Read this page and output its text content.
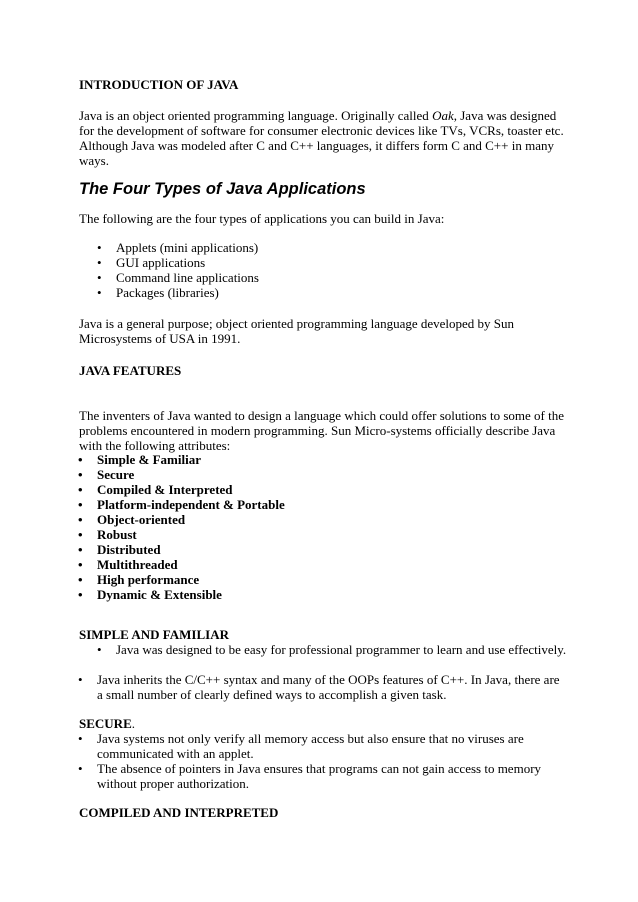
INTRODUCTION OF JAVA

Java is an object oriented programming language. Originally called Oak, Java was designed for the development of software for consumer electronic devices like TVs, VCRs, toaster etc. Although Java was modeled after C and C++ languages, it differs form C and C++ in many ways.

The Four Types of Java Applications

The following are the four types of applications you can build in Java:

• Applets (mini applications)
• GUI applications
• Command line applications
• Packages (libraries)

Java is a general purpose; object oriented programming language developed by Sun Microsystems of USA in 1991.

JAVA FEATURES

The inventers of Java wanted to design a language which could offer solutions to some of the problems encountered in modern programming. Sun Micro-systems officially describe Java with the following attributes:

• Simple & Familiar
• Secure
• Compiled & Interpreted
• Platform-independent & Portable
• Object-oriented
• Robust
• Distributed
• Multithreaded
• High performance
• Dynamic & Extensible

SIMPLE AND FAMILIAR

• Java was designed to be easy for professional programmer to learn and use effectively.
• Java inherits the C/C++ syntax and many of the OOPs features of C++. In Java, there are a small number of clearly defined ways to accomplish a given task.

SECURE.

• Java systems not only verify all memory access but also ensure that no viruses are communicated with an applet.
• The absence of pointers in Java ensures that programs can not gain access to memory without proper authorization.

COMPILED AND INTERPRETED
